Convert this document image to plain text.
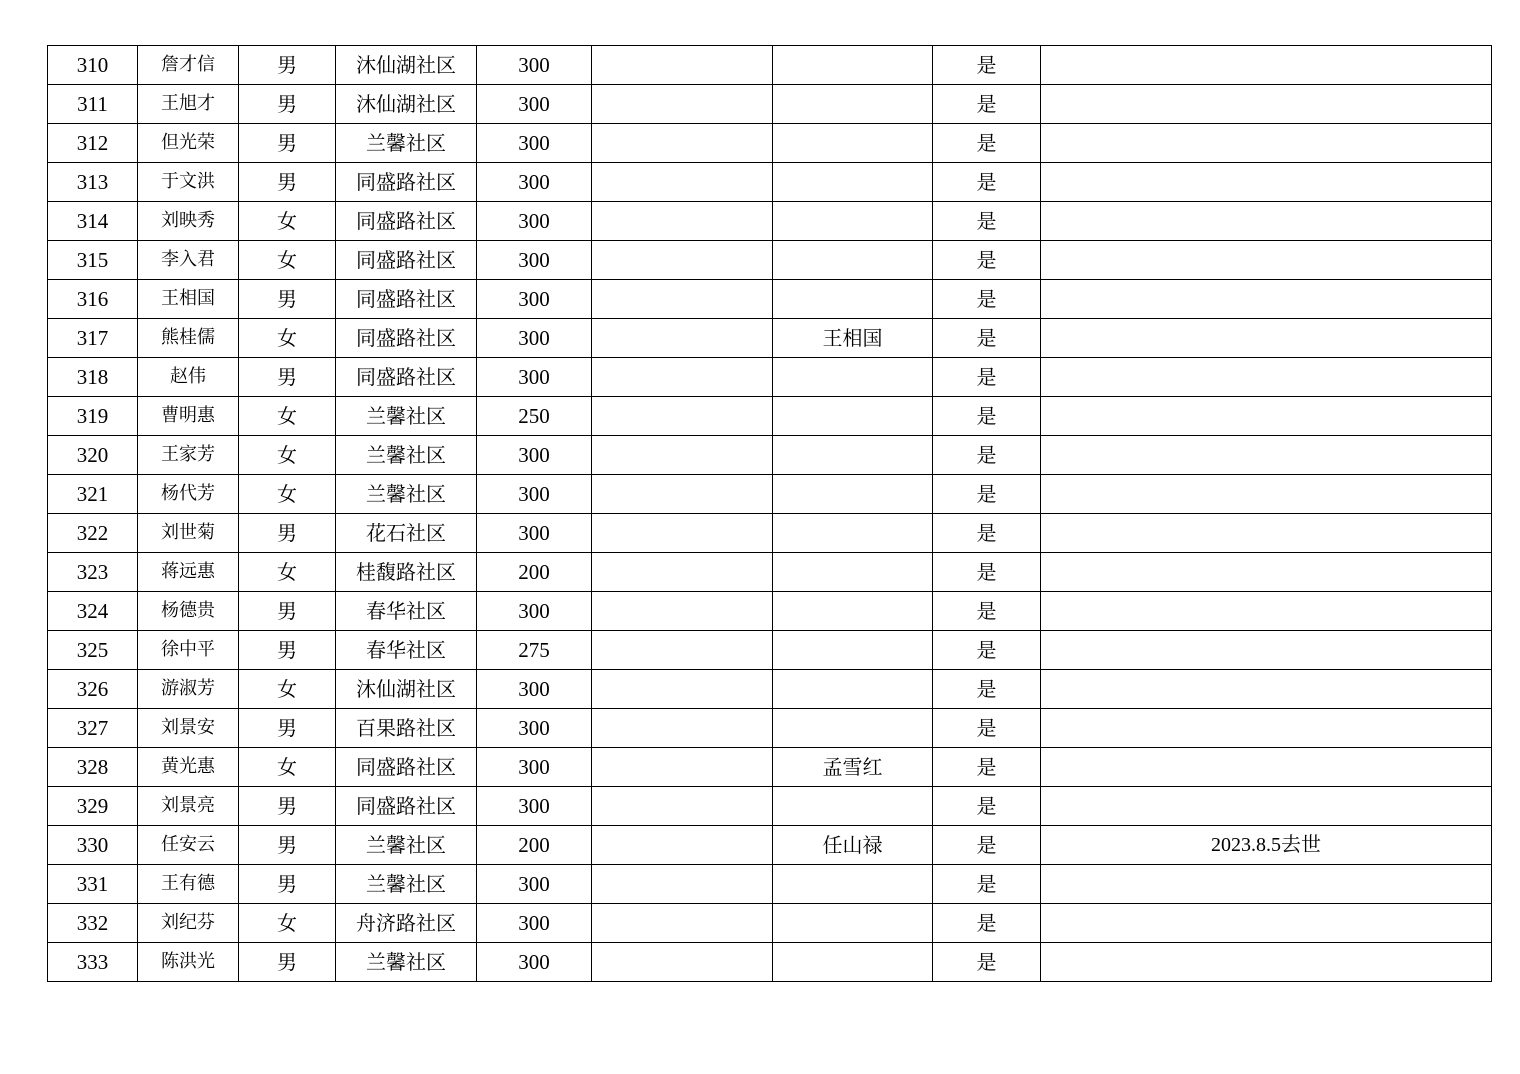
310	詹才信	男	沐仙湖社区	300			是	
311	王旭才	男	沐仙湖社区	300			是	
312	但光荣	男	兰馨社区	300			是	
313	于文洪	男	同盛路社区	300			是	
314	刘映秀	女	同盛路社区	300			是	
315	李入君	女	同盛路社区	300			是	
316	王相国	男	同盛路社区	300			是	
317	熊桂儒	女	同盛路社区	300		王相国	是	
318	赵伟	男	同盛路社区	300			是	
319	曹明惠	女	兰馨社区	250			是	
320	王家芳	女	兰馨社区	300			是	
321	杨代芳	女	兰馨社区	300			是	
322	刘世菊	男	花石社区	300			是	
323	蒋远惠	女	桂馥路社区	200			是	
324	杨德贵	男	春华社区	300			是	
325	徐中平	男	春华社区	275			是	
326	游淑芳	女	沐仙湖社区	300			是	
327	刘景安	男	百果路社区	300			是	
328	黄光惠	女	同盛路社区	300		孟雪红	是	
329	刘景亮	男	同盛路社区	300			是	
330	任安云	男	兰馨社区	200		任山禄	是	2023.8.5去世
331	王有德	男	兰馨社区	300			是	
332	刘纪芬	女	舟济路社区	300			是	
333	陈洪光	男	兰馨社区	300			是	
